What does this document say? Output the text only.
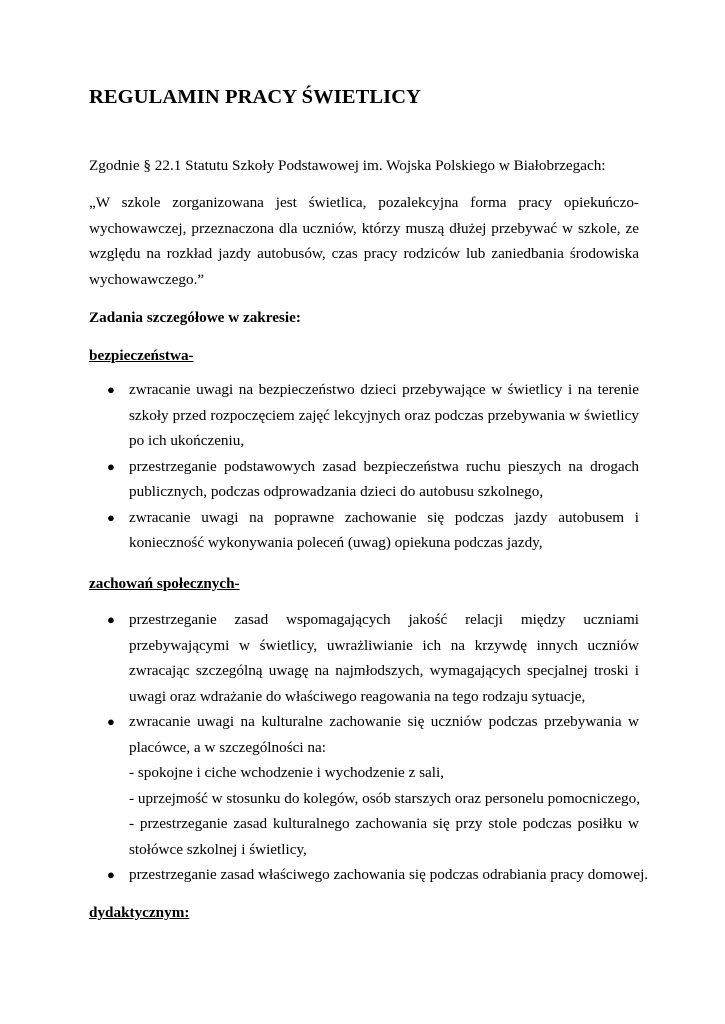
REGULAMIN PRACY ŚWIETLICY

Zgodnie § 22.1 Statutu Szkoły Podstawowej im. Wojska Polskiego w Białobrzegach:

„W szkole zorganizowana jest świetlica, pozalekcyjna forma pracy opiekuńczo-wychowawczej, przeznaczona dla uczniów, którzy muszą dłużej przebywać w szkole, ze względu na rozkład jazdy autobusów, czas pracy rodziców lub zaniedbania środowiska wychowawczego.”

Zadania szczegółowe w zakresie:

bezpieczeństwa-

● zwracanie uwagi na bezpieczeństwo dzieci przebywające w świetlicy i na terenie szkoły przed rozpoczęciem zajęć lekcyjnych oraz podczas przebywania w świetlicy po ich ukończeniu,
● przestrzeganie podstawowych zasad bezpieczeństwa ruchu pieszych na drogach publicznych, podczas odprowadzania dzieci do autobusu szkolnego,
● zwracanie uwagi na poprawne zachowanie się podczas jazdy autobusem i konieczność wykonywania poleceń (uwag) opiekuna podczas jazdy,

zachowań społecznych-

● przestrzeganie zasad wspomagających jakość relacji między uczniami przebywającymi w świetlicy, uwrażliwianie ich na krzywdę innych uczniów zwracając szczególną uwagę na najmłodszych, wymagających specjalnej troski i uwagi oraz wdrażanie do właściwego reagowania na tego rodzaju sytuacje,
● zwracanie uwagi na kulturalne zachowanie się uczniów podczas przebywania w placówce, a w szczególności na:
- spokojne i ciche wchodzenie i wychodzenie z sali,
- uprzejmość w stosunku do kolegów, osób starszych oraz personelu pomocniczego,
- przestrzeganie zasad kulturalnego zachowania się przy stole podczas posiłku w stołówce szkolnej i świetlicy,
● przestrzeganie zasad właściwego zachowania się podczas odrabiania pracy domowej.

dydaktycznym:
